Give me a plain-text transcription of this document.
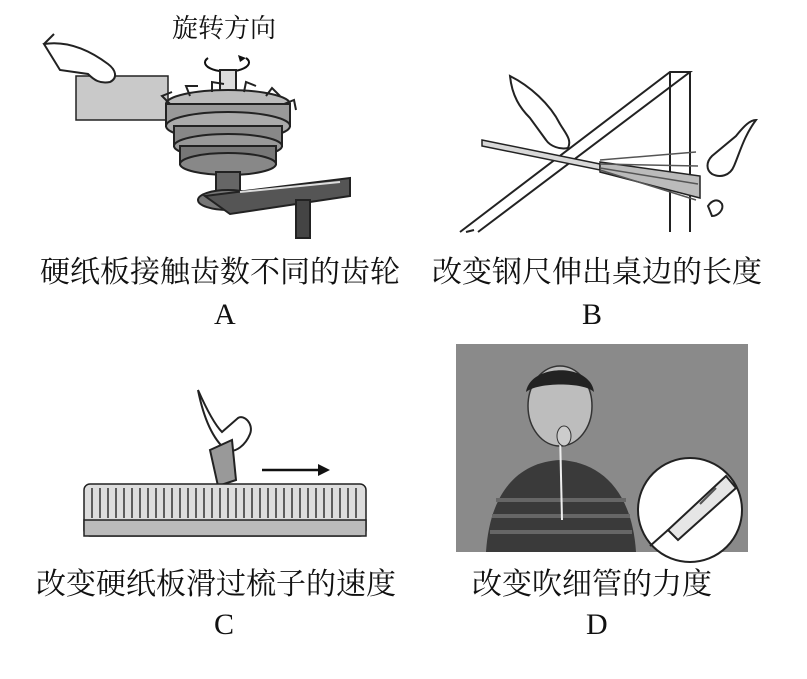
旋转方向
硬纸板接触齿数不同的齿轮
A
改变钢尺伸出桌边的长度
B
改变硬纸板滑过梳子的速度
C
改变吹细管的力度
D
